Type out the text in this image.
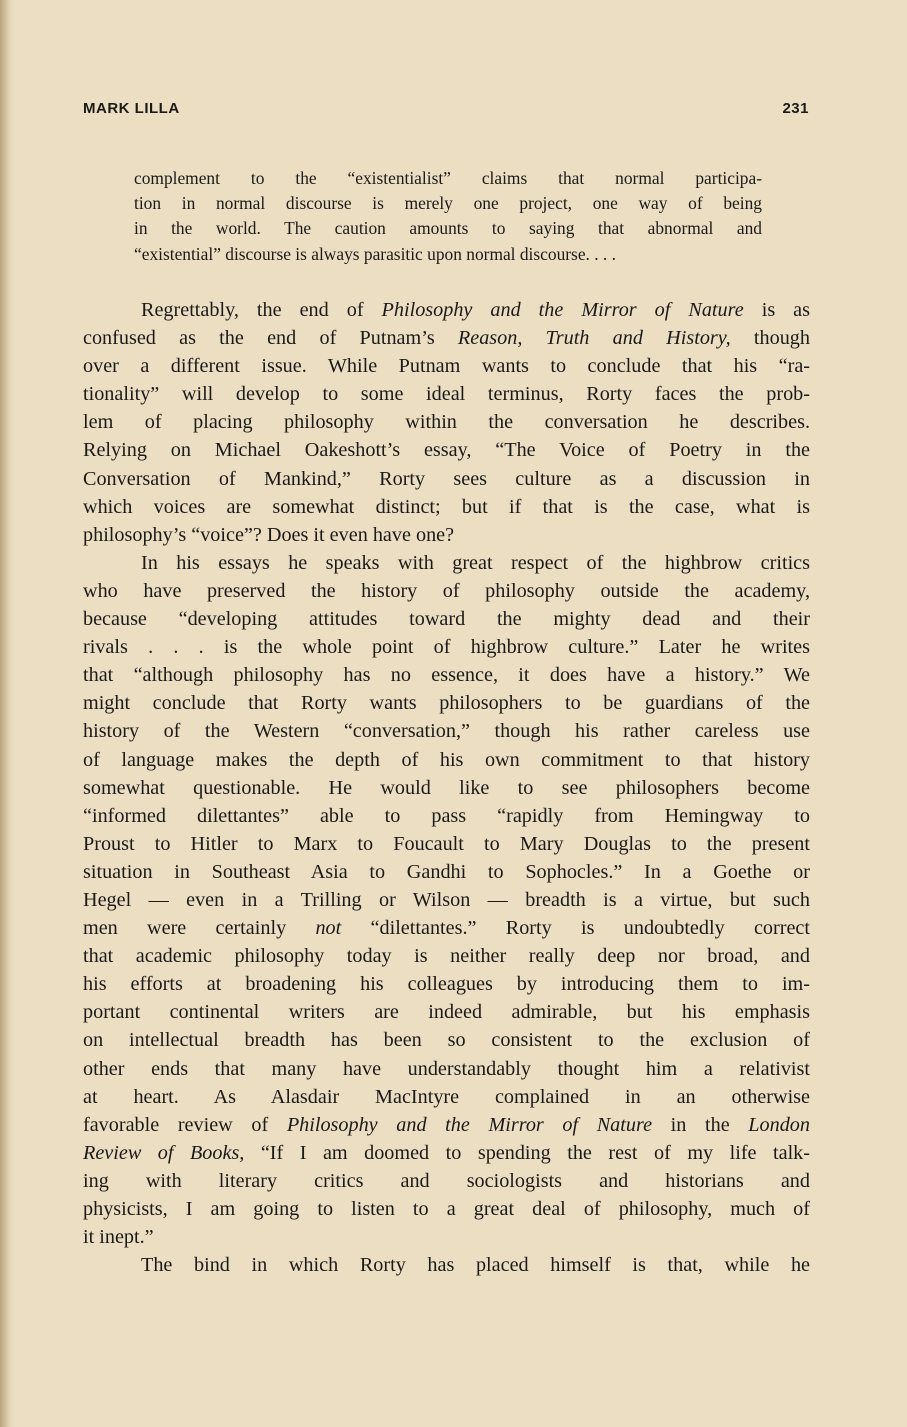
MARK LILLA	231
complement to the “existentialist” claims that normal participa-
tion in normal discourse is merely one project, one way of being
in the world. The caution amounts to saying that abnormal and
“existential” discourse is always parasitic upon normal discourse. . . .
Regrettably, the end of Philosophy and the Mirror of Nature is as
confused as the end of Putnam’s Reason, Truth and History, though
over a different issue. While Putnam wants to conclude that his “ra-
tionality” will develop to some ideal terminus, Rorty faces the prob-
lem of placing philosophy within the conversation he describes.
Relying on Michael Oakeshott’s essay, “The Voice of Poetry in the
Conversation of Mankind,” Rorty sees culture as a discussion in
which voices are somewhat distinct; but if that is the case, what is
philosophy’s “voice”? Does it even have one?
In his essays he speaks with great respect of the highbrow critics
who have preserved the history of philosophy outside the academy,
because “developing attitudes toward the mighty dead and their
rivals . . . is the whole point of highbrow culture.” Later he writes
that “although philosophy has no essence, it does have a history.” We
might conclude that Rorty wants philosophers to be guardians of the
history of the Western “conversation,” though his rather careless use
of language makes the depth of his own commitment to that history
somewhat questionable. He would like to see philosophers become
“informed dilettantes” able to pass “rapidly from Hemingway to
Proust to Hitler to Marx to Foucault to Mary Douglas to the present
situation in Southeast Asia to Gandhi to Sophocles.” In a Goethe or
Hegel — even in a Trilling or Wilson — breadth is a virtue, but such
men were certainly not “dilettantes.” Rorty is undoubtedly correct
that academic philosophy today is neither really deep nor broad, and
his efforts at broadening his colleagues by introducing them to im-
portant continental writers are indeed admirable, but his emphasis
on intellectual breadth has been so consistent to the exclusion of
other ends that many have understandably thought him a relativist
at heart. As Alasdair MacIntyre complained in an otherwise
favorable review of Philosophy and the Mirror of Nature in the London
Review of Books, “If I am doomed to spending the rest of my life talk-
ing with literary critics and sociologists and historians and
physicists, I am going to listen to a great deal of philosophy, much of
it inept.”
The bind in which Rorty has placed himself is that, while he
